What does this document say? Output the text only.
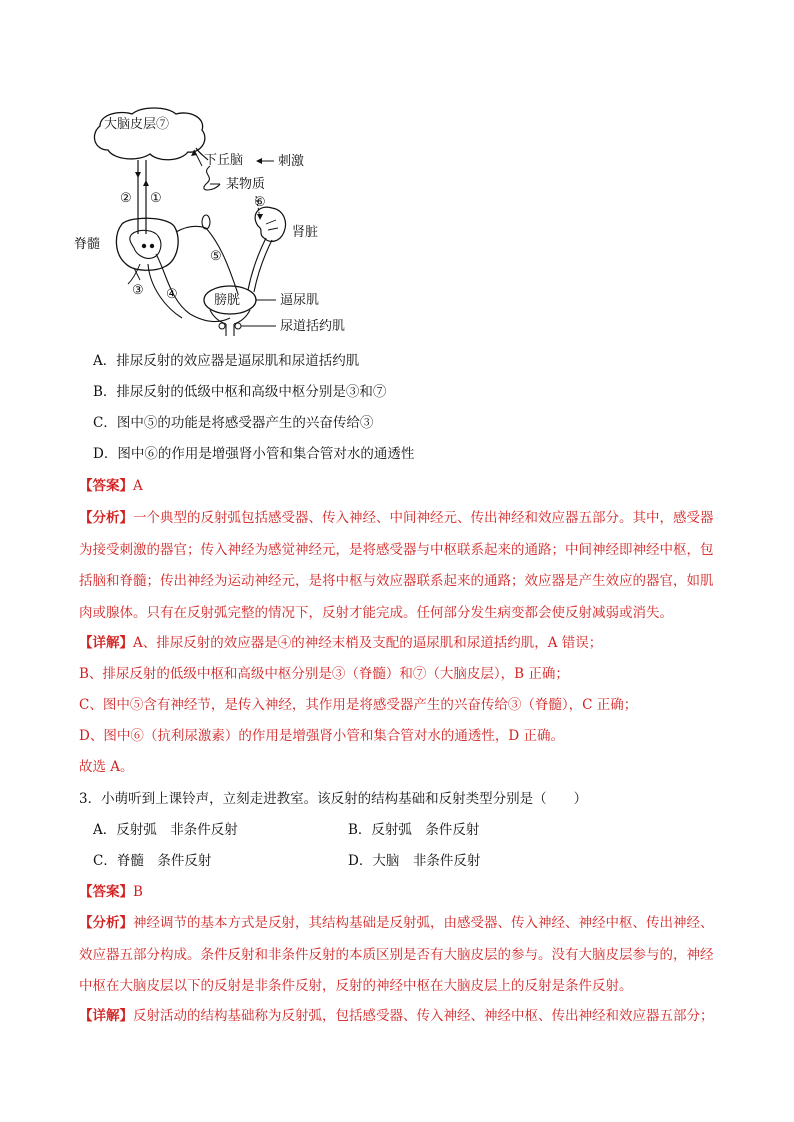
大脑皮层⑦
下丘脑	刺激
某物质
⑥
肾脏
脊髓
② ①
⑤
③ ④	膀胱	逼尿肌
尿道括约肌
A．排尿反射的效应器是逼尿肌和尿道括约肌
B．排尿反射的低级中枢和高级中枢分别是③和⑦
C．图中⑤的功能是将感受器产生的兴奋传给③
D．图中⑥的作用是增强肾小管和集合管对水的通透性
【答案】A
【分析】一个典型的反射弧包括感受器、传入神经、中间神经元、传出神经和效应器五部分。其中，感受器为接受刺激的器官；传入神经为感觉神经元，是将感受器与中枢联系起来的通路；中间神经即神经中枢，包括脑和脊髓；传出神经为运动神经元，是将中枢与效应器联系起来的通路；效应器是产生效应的器官，如肌肉或腺体。只有在反射弧完整的情况下，反射才能完成。任何部分发生病变都会使反射减弱或消失。
【详解】A、排尿反射的效应器是④的神经末梢及支配的逼尿肌和尿道括约肌，A 错误；
B、排尿反射的低级中枢和高级中枢分别是③（脊髓）和⑦（大脑皮层），B 正确；
C、图中⑤含有神经节，是传入神经，其作用是将感受器产生的兴奋传给③（脊髓），C 正确；
D、图中⑥（抗利尿激素）的作用是增强肾小管和集合管对水的通透性，D 正确。
故选 A。
3．小萌听到上课铃声，立刻走进教室。该反射的结构基础和反射类型分别是（　　）
A．反射弧　非条件反射	B．反射弧　条件反射
C．脊髓　条件反射	D．大脑　非条件反射
【答案】B
【分析】神经调节的基本方式是反射，其结构基础是反射弧，由感受器、传入神经、神经中枢、传出神经、效应器五部分构成。条件反射和非条件反射的本质区别是否有大脑皮层的参与。没有大脑皮层参与的，神经中枢在大脑皮层以下的反射是非条件反射，反射的神经中枢在大脑皮层上的反射是条件反射。
【详解】反射活动的结构基础称为反射弧，包括感受器、传入神经、神经中枢、传出神经和效应器五部分；
